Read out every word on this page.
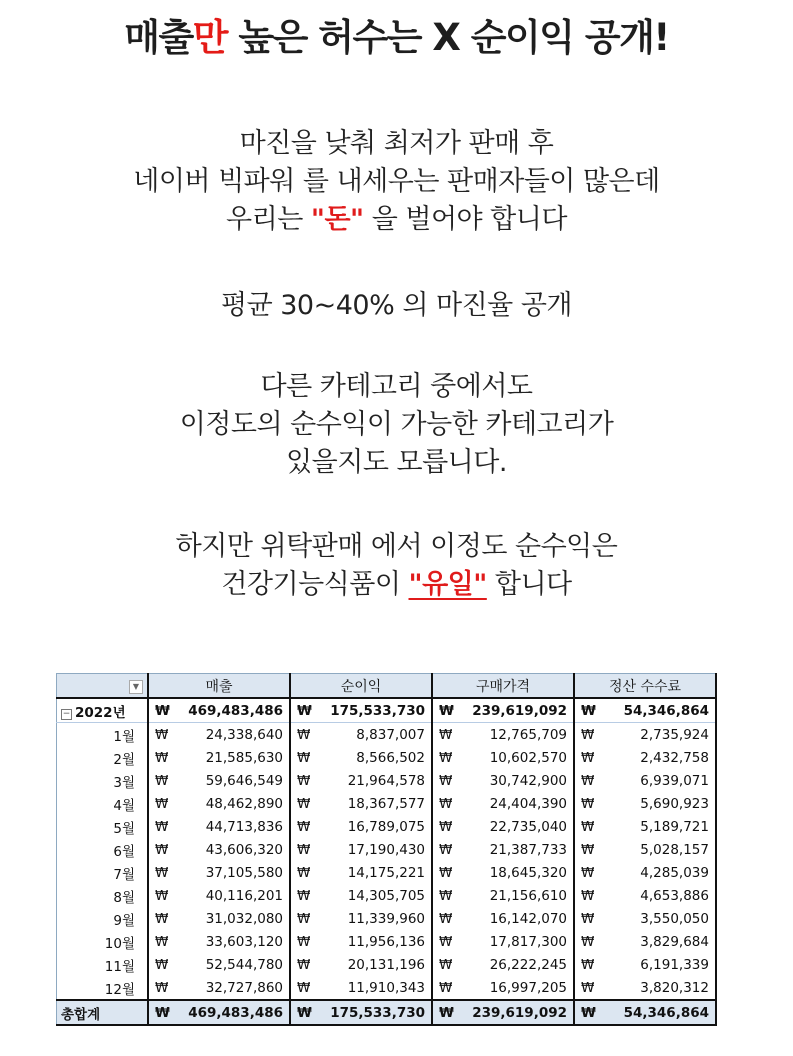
매출만 높은 허수는 X 순이익 공개!
마진을 낮춰 최저가 판매 후
네이버 빅파워 를 내세우는 판매자들이 많은데
우리는 "돈" 을 벌어야 합니다
평균 30~40% 의 마진율 공개
다른 카테고리 중에서도
이정도의 순수익이 가능한 카테고리가
있을지도 모릅니다.
하지만 위탁판매 에서 이정도 순수익은
건강기능식품이 "유일" 합니다
▼	매출		순이익		구매가격		정산 수수료	
− 2022년	₩	469,483,486	₩	175,533,730	₩	239,619,092	₩	54,346,864
1월	₩	24,338,640	₩	8,837,007	₩	12,765,709	₩	2,735,924
2월	₩	21,585,630	₩	8,566,502	₩	10,602,570	₩	2,432,758
3월	₩	59,646,549	₩	21,964,578	₩	30,742,900	₩	6,939,071
4월	₩	48,462,890	₩	18,367,577	₩	24,404,390	₩	5,690,923
5월	₩	44,713,836	₩	16,789,075	₩	22,735,040	₩	5,189,721
6월	₩	43,606,320	₩	17,190,430	₩	21,387,733	₩	5,028,157
7월	₩	37,105,580	₩	14,175,221	₩	18,645,320	₩	4,285,039
8월	₩	40,116,201	₩	14,305,705	₩	21,156,610	₩	4,653,886
9월	₩	31,032,080	₩	11,339,960	₩	16,142,070	₩	3,550,050
10월	₩	33,603,120	₩	11,956,136	₩	17,817,300	₩	3,829,684
11월	₩	52,544,780	₩	20,131,196	₩	26,222,245	₩	6,191,339
12월	₩	32,727,860	₩	11,910,343	₩	16,997,205	₩	3,820,312
총합계	₩	469,483,486	₩	175,533,730	₩	239,619,092	₩	54,346,864
